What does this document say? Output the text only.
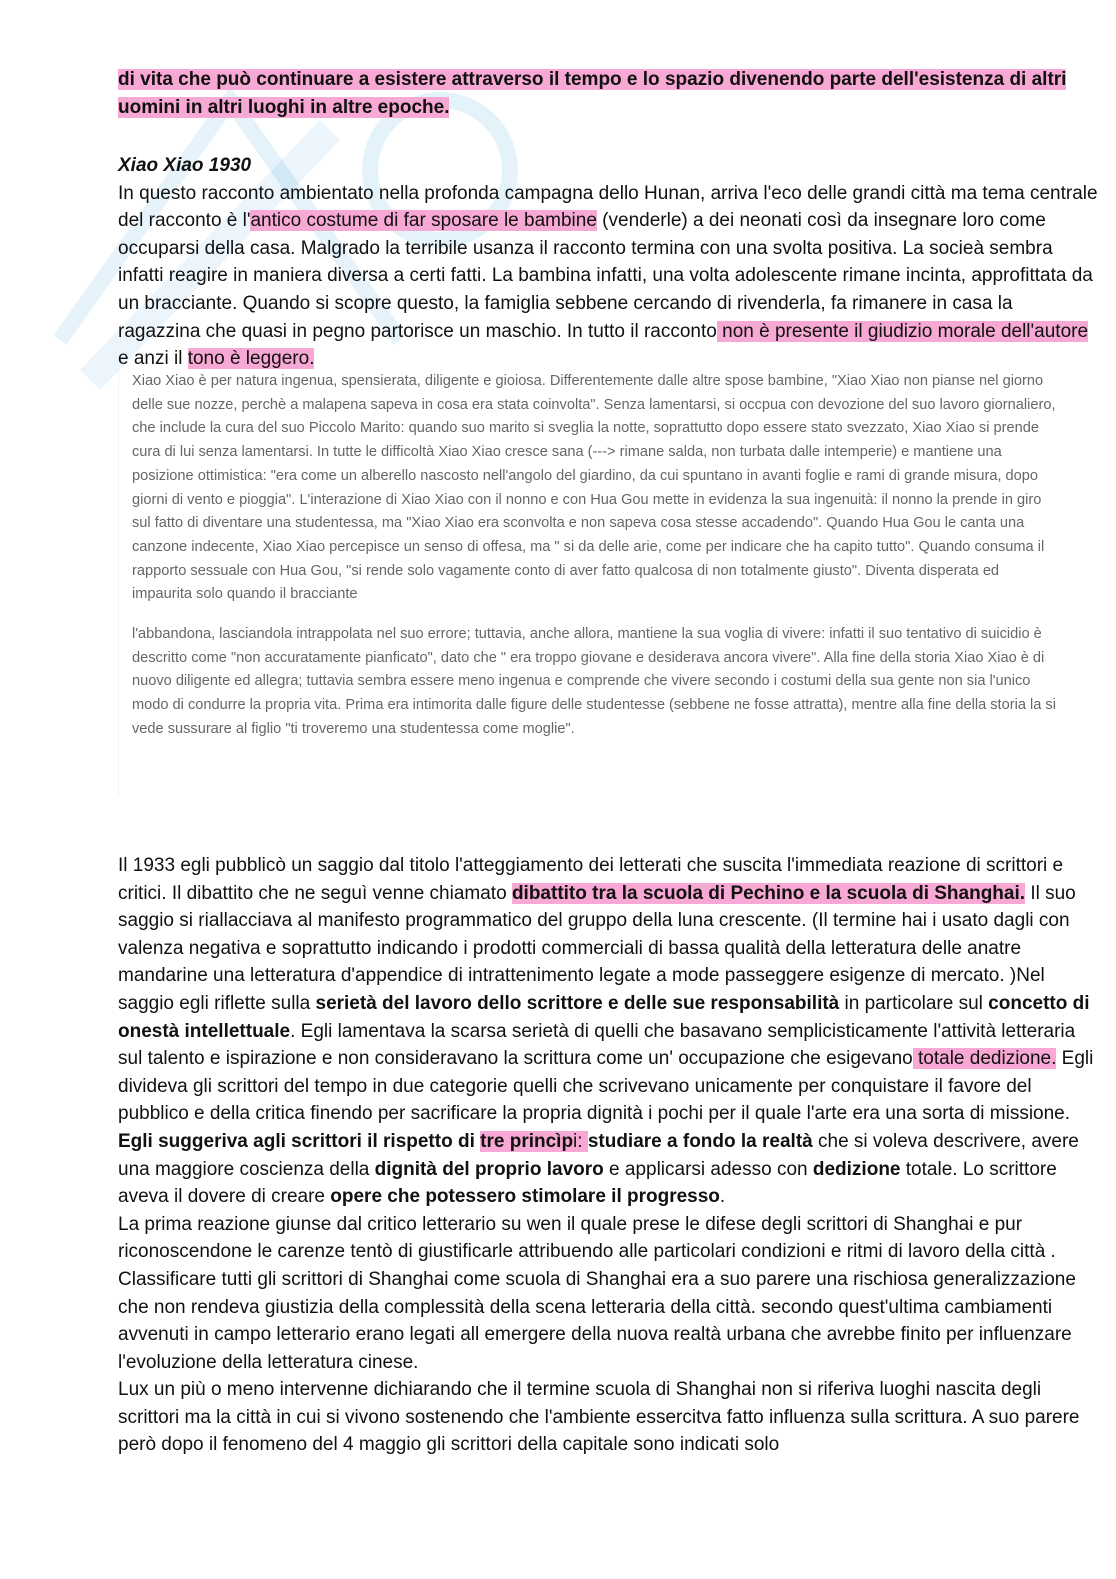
di vita che può continuare a esistere attraverso il tempo e lo spazio divenendo parte dell'esistenza di altri uomini in altri luoghi in altre epoche.

Xiao Xiao 1930

In questo racconto ambientato nella profonda campagna dello Hunan, arriva l'eco delle grandi città ma tema centrale del racconto è l'antico costume di far sposare le bambine (venderle) a dei neonati così da insegnare loro come occuparsi della casa. Malgrado la terribile usanza il racconto termina con una svolta positiva. La socieà sembra infatti reagire in maniera diversa a certi fatti. La bambina infatti, una volta adolescente rimane incinta, approfittata da un bracciante. Quando si scopre questo, la famiglia sebbene cercando di rivenderla, fa rimanere in casa la ragazzina che quasi in pegno partorisce un maschio. In tutto il racconto non è presente il giudizio morale dell'autore e anzi il tono è leggero.

Xiao Xiao è per natura ingenua, spensierata, diligente e gioiosa. Differentemente dalle altre spose bambine, "Xiao Xiao non pianse nel giorno delle sue nozze, perchè a malapena sapeva in cosa era stata coinvolta". Senza lamentarsi, si occpua con devozione del suo lavoro giornaliero, che include la cura del suo Piccolo Marito: quando suo marito si sveglia la notte, soprattutto dopo essere stato svezzato, Xiao Xiao si prende cura di lui senza lamentarsi. In tutte le difficoltà Xiao Xiao cresce sana (---> rimane salda, non turbata dalle intemperie) e mantiene una posizione ottimistica: "era come un alberello nascosto nell'angolo del giardino, da cui spuntano in avanti foglie e rami di grande misura, dopo giorni di vento e pioggia". L'interazione di Xiao Xiao con il nonno e con Hua Gou mette in evidenza la sua ingenuità: il nonno la prende in giro sul fatto di diventare una studentessa, ma "Xiao Xiao era sconvolta e non sapeva cosa stesse accadendo". Quando Hua Gou le canta una canzone indecente, Xiao Xiao percepisce un senso di offesa, ma " si da delle arie, come per indicare che ha capito tutto". Quando consuma il rapporto sessuale con Hua Gou, "si rende solo vagamente conto di aver fatto qualcosa di non totalmente giusto". Diventa disperata ed impaurita solo quando il bracciante

l'abbandona, lasciandola intrappolata nel suo errore; tuttavia, anche allora, mantiene la sua voglia di vivere: infatti il suo tentativo di suicidio è descritto come "non accuratamente pianficato", dato che " era troppo giovane e desiderava ancora vivere". Alla fine della storia Xiao Xiao è di nuovo diligente ed allegra; tuttavia sembra essere meno ingenua e comprende che vivere secondo i costumi della sua gente non sia l'unico modo di condurre la propria vita. Prima era intimorita dalle figure delle studentesse (sebbene ne fosse attratta), mentre alla fine della storia la si vede sussurare al figlio "ti troveremo una studentessa come moglie".

Il 1933 egli pubblicò un saggio dal titolo l'atteggiamento dei letterati che suscita l'immediata reazione di scrittori e critici. Il dibattito che ne seguì venne chiamato dibattito tra la scuola di Pechino e la scuola di Shanghai. Il suo saggio si riallacciava al manifesto programmatico del gruppo della luna crescente. (Il termine hai i usato dagli con valenza negativa e soprattutto indicando i prodotti commerciali di bassa qualità della letteratura delle anatre mandarine una letteratura d'appendice di intrattenimento legate a mode passeggere esigenze di mercato. )Nel saggio egli riflette sulla serietà del lavoro dello scrittore e delle sue responsabilità in particolare sul concetto di onestà intellettuale. Egli lamentava la scarsa serietà di quelli che basavano semplicisticamente l'attività letteraria sul talento e ispirazione e non consideravano la scrittura come un' occupazione che esigevano totale dedizione. Egli divideva gli scrittori del tempo in due categorie quelli che scrivevano unicamente per conquistare il favore del pubblico e della critica finendo per sacrificare la propria dignità i pochi per il quale l'arte era una sorta di missione. Egli suggeriva agli scrittori il rispetto di tre princìpi: studiare a fondo la realtà che si voleva descrivere, avere una maggiore coscienza della dignità del proprio lavoro e applicarsi adesso con dedizione totale. Lo scrittore aveva il dovere di creare opere che potessero stimolare il progresso.

La prima reazione giunse dal critico letterario su wen il quale prese le difese degli scrittori di Shanghai e pur riconoscendone le carenze tentò di giustificarle attribuendo alle particolari condizioni e ritmi di lavoro della città . Classificare tutti gli scrittori di Shanghai come scuola di Shanghai era a suo parere una rischiosa generalizzazione che non rendeva giustizia della complessità della scena letteraria della città. secondo quest'ultima cambiamenti avvenuti in campo letterario erano legati all emergere della nuova realtà urbana che avrebbe finito per influenzare l'evoluzione della letteratura cinese.

Lux un più o meno intervenne dichiarando che il termine scuola di Shanghai non si riferiva luoghi nascita degli scrittori ma la città in cui si vivono sostenendo che l'ambiente essercitva fatto influenza sulla scrittura. A suo parere però dopo il fenomeno del 4 maggio gli scrittori della capitale sono indicati solo
